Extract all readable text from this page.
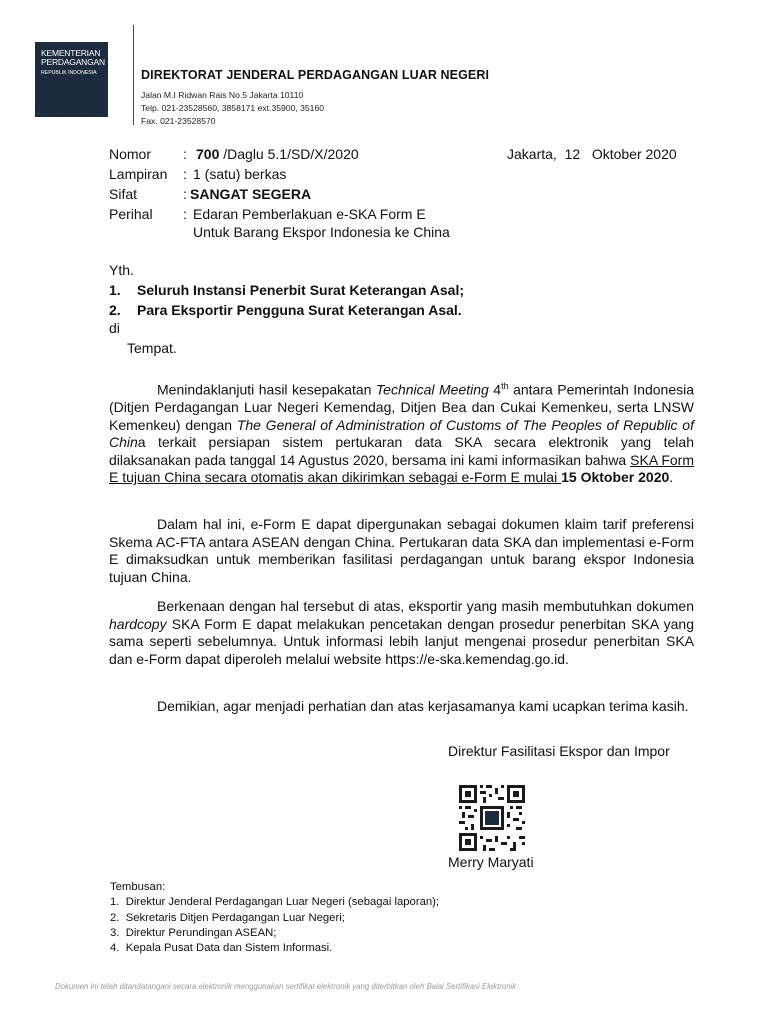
KEMENTERIAN
PERDAGANGAN
REPUBLIK INDONESIA
MINISTRY OF TRADE
DIREKTORAT JENDERAL PERDAGANGAN LUAR NEGERI
Jalan M.I Ridwan Rais No.5 Jakarta 10110
Telp. 021-23528560, 3858171 ext.35900, 35160
Fax. 021-23528570
Nomor : 700 /Daglu 5.1/SD/X/2020	Jakarta,  12   Oktober 2020
Lampiran : 1 (satu) berkas
Sifat	: SANGAT SEGERA
Perihal : Edaran Pemberlakuan e-SKA Form E
Untuk Barang Ekspor Indonesia ke China
Yth.
1. Seluruh Instansi Penerbit Surat Keterangan Asal;
2. Para Eksportir Pengguna Surat Keterangan Asal.
di
Tempat.
Menindaklanjuti hasil kesepakatan Technical Meeting 4th antara Pemerintah Indonesia (Ditjen Perdagangan Luar Negeri Kemendag, Ditjen Bea dan Cukai Kemenkeu, serta LNSW Kemenkeu) dengan The General of Administration of Customs of The Peoples of Republic of China terkait persiapan sistem pertukaran data SKA secara elektronik yang telah dilaksanakan pada tanggal 14 Agustus 2020, bersama ini kami informasikan bahwa SKA Form E tujuan China secara otomatis akan dikirimkan sebagai e-Form E mulai 15 Oktober 2020.
Dalam hal ini, e-Form E dapat dipergunakan sebagai dokumen klaim tarif preferensi Skema AC-FTA antara ASEAN dengan China. Pertukaran data SKA dan implementasi e-Form E dimaksudkan untuk memberikan fasilitasi perdagangan untuk barang ekspor Indonesia tujuan China.
Berkenaan dengan hal tersebut di atas, eksportir yang masih membutuhkan dokumen hardcopy SKA Form E dapat melakukan pencetakan dengan prosedur penerbitan SKA yang sama seperti sebelumnya. Untuk informasi lebih lanjut mengenai prosedur penerbitan SKA dan e-Form dapat diperoleh melalui website https://e-ska.kemendag.go.id.
Demikian, agar menjadi perhatian dan atas kerjasamanya kami ucapkan terima kasih.
Direktur Fasilitasi Ekspor dan Impor
Merry Maryati
Tembusan:
1.  Direktur Jenderal Perdagangan Luar Negeri (sebagai laporan);
2.  Sekretaris Ditjen Perdagangan Luar Negeri;
3.  Direktur Perundingan ASEAN;
4.  Kepala Pusat Data dan Sistem Informasi.
Dokumen ini telah ditandatangani secara elektronik menggunakan sertifikat elektronik yang diterbitkan oleh Balai Sertifikasi Elektronik
